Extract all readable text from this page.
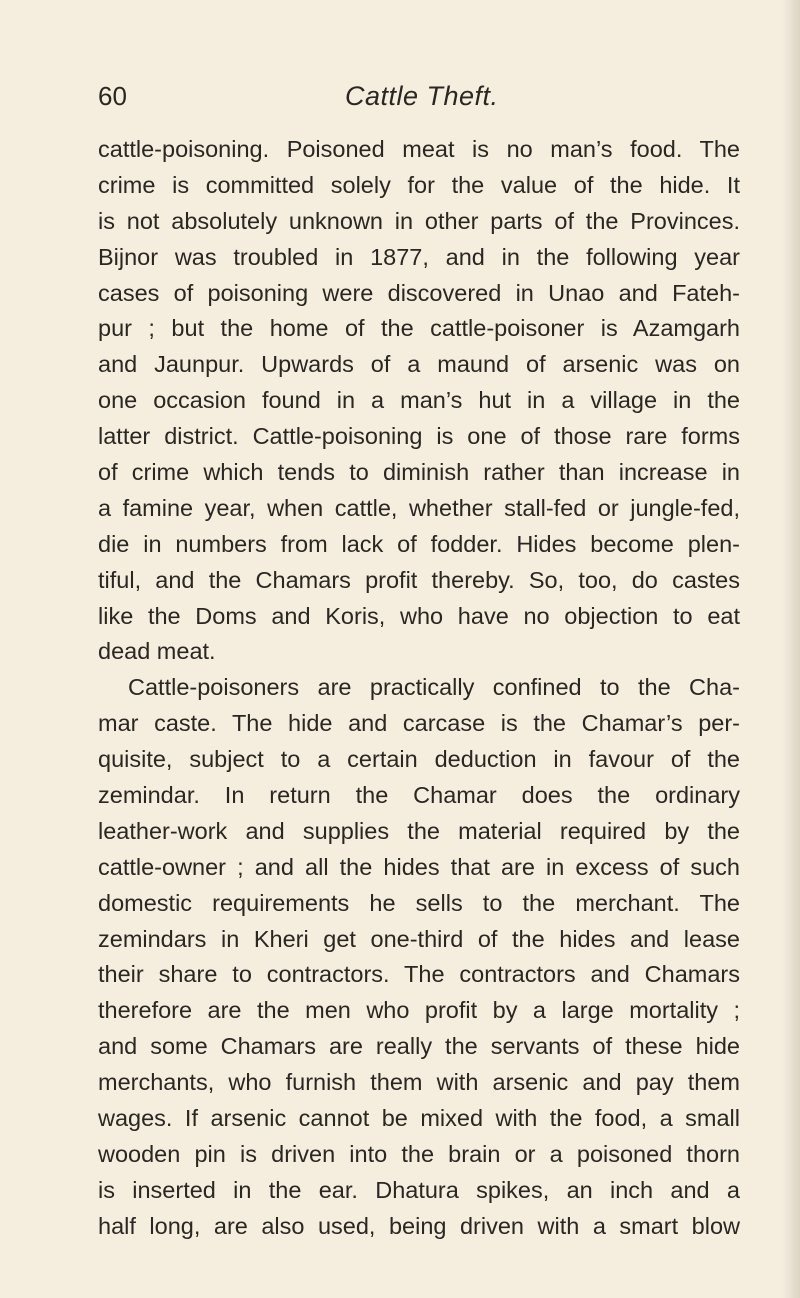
60	Cattle Theft.
cattle-poisoning. Poisoned meat is no man’s food. The
crime is committed solely for the value of the hide. It
is not absolutely unknown in other parts of the Provinces.
Bijnor was troubled in 1877, and in the following year
cases of poisoning were discovered in Unao and Fateh-
pur ; but the home of the cattle-poisoner is Azamgarh
and Jaunpur. Upwards of a maund of arsenic was on
one occasion found in a man’s hut in a village in the
latter district. Cattle-poisoning is one of those rare forms
of crime which tends to diminish rather than increase in
a famine year, when cattle, whether stall-fed or jungle-fed,
die in numbers from lack of fodder. Hides become plen-
tiful, and the Chamars profit thereby. So, too, do castes
like the Doms and Koris, who have no objection to eat
dead meat.
Cattle-poisoners are practically confined to the Cha-
mar caste. The hide and carcase is the Chamar’s per-
quisite, subject to a certain deduction in favour of the
zemindar. In return the Chamar does the ordinary
leather-work and supplies the material required by the
cattle-owner ; and all the hides that are in excess of such
domestic requirements he sells to the merchant. The
zemindars in Kheri get one-third of the hides and lease
their share to contractors. The contractors and Chamars
therefore are the men who profit by a large mortality ;
and some Chamars are really the servants of these hide
merchants, who furnish them with arsenic and pay them
wages. If arsenic cannot be mixed with the food, a small
wooden pin is driven into the brain or a poisoned thorn
is inserted in the ear. Dhatura spikes, an inch and a
half long, are also used, being driven with a smart blow
